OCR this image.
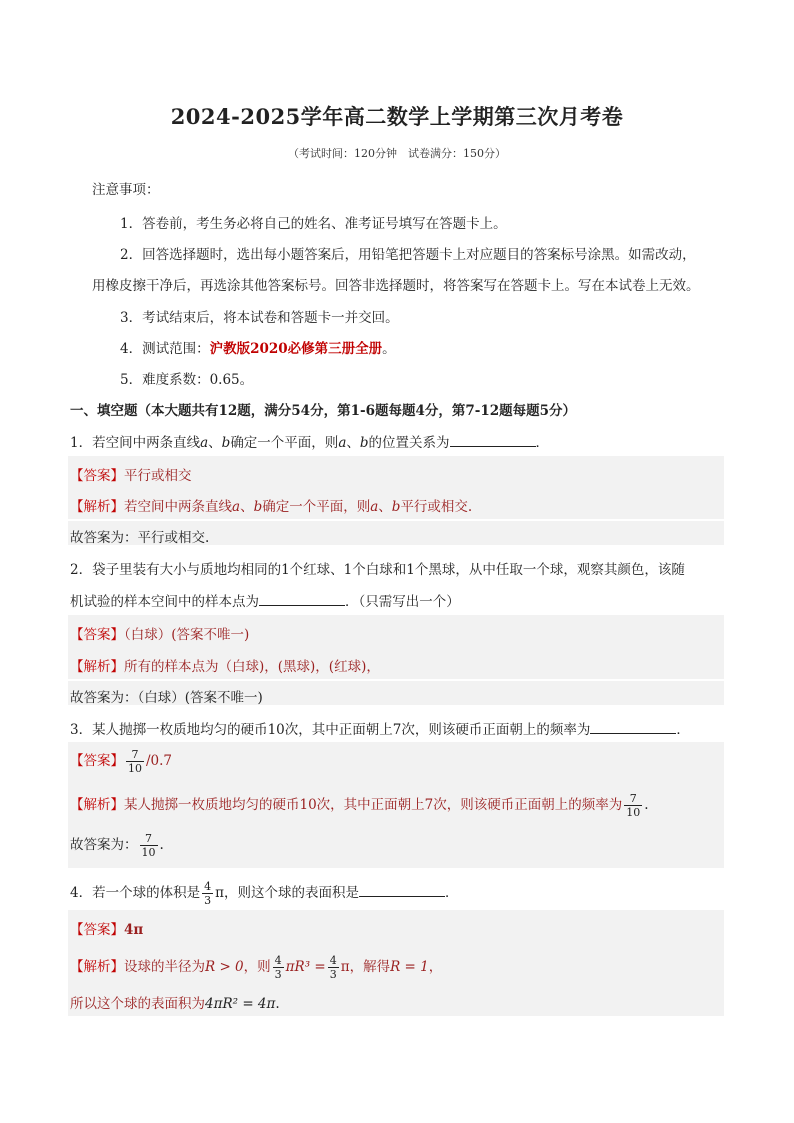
2024-2025学年高二数学上学期第三次月考卷
（考试时间：120分钟　试卷满分：150分）
注意事项：
1．答卷前，考生务必将自己的姓名、准考证号填写在答题卡上。
2．回答选择题时，选出每小题答案后，用铅笔把答题卡上对应题目的答案标号涂黑。如需改动，
用橡皮擦干净后，再选涂其他答案标号。回答非选择题时，将答案写在答题卡上。写在本试卷上无效。
3．考试结束后，将本试卷和答题卡一并交回。
4．测试范围：沪教版2020必修第三册全册。
5．难度系数：0.65。
一、填空题（本大题共有12题，满分54分，第1-6题每题4分，第7-12题每题5分）
1．若空间中两条直线a、b确定一个平面，则a、b的位置关系为	．
【答案】平行或相交
【解析】若空间中两条直线a、b确定一个平面，则a、b平行或相交.
故答案为：平行或相交.
2．袋子里装有大小与质地均相同的1个红球、1个白球和1个黑球，从中任取一个球，观察其颜色，该随
机试验的样本空间中的样本点为	．（只需写出一个）
【答案】（白球）(答案不唯一)
【解析】所有的样本点为（白球)，(黑球)，(红球)，
故答案为：（白球）(答案不唯一)
3．某人抛掷一枚质地均匀的硬币10次，其中正面朝上7次，则该硬币正面朝上的频率为	．
【答案】 $\frac{7}{10} /0.7$
【解析】某人抛掷一枚质地均匀的硬币10次，其中正面朝上7次，则该硬币正面朝上的频率为 $\frac{7}{10}$ .
故答案为： $\frac{7}{10}$ .
4．若一个球的体积是 $\frac{4}{3}$ π，则这个球的表面积是	．
【答案】4π
【解析】设球的半径为R > 0，则 $\frac{4}{3} \pi R^3 = \frac{4}{3}$ π，解得R = 1，
所以这个球的表面积为4πR² = 4π.
